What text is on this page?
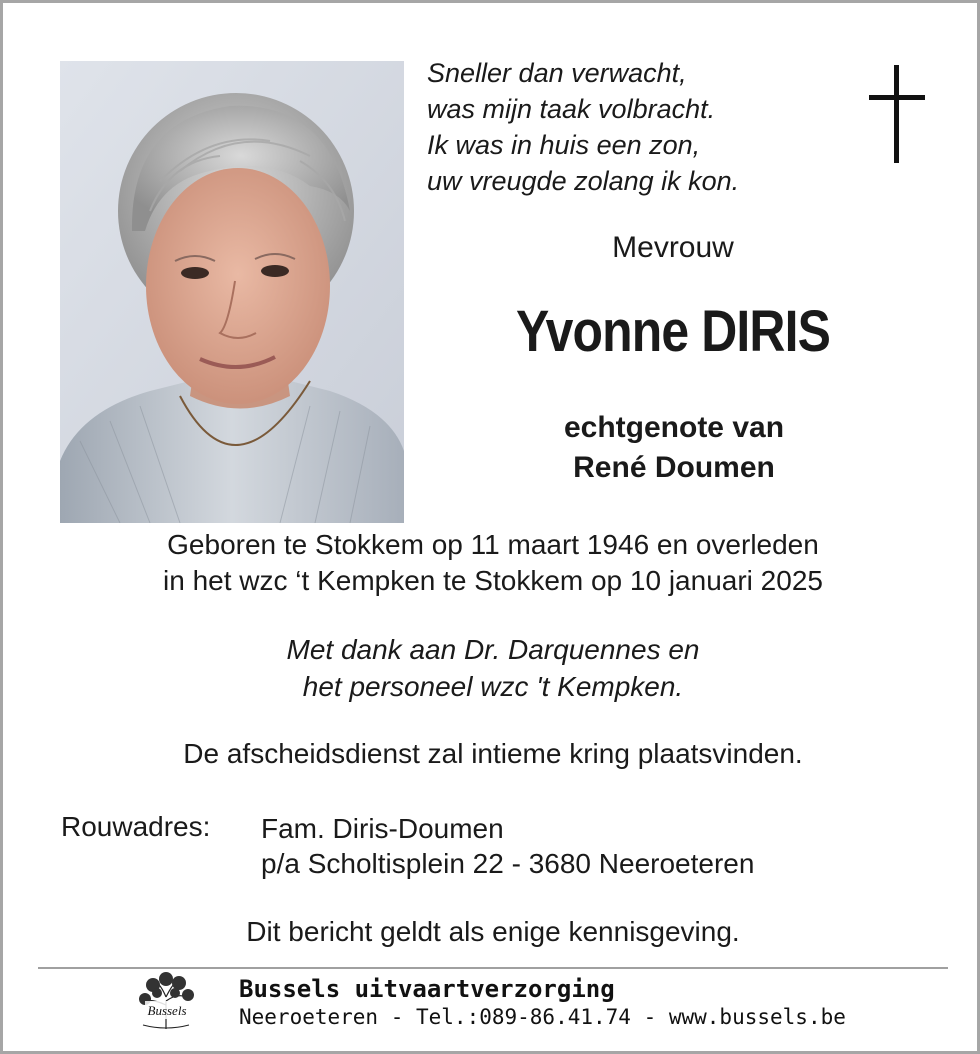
Sneller dan verwacht,
was mijn taak volbracht.
Ik was in huis een zon,
uw vreugde zolang ik kon.
Mevrouw
Yvonne DIRIS
echtgenote van
René Doumen
Geboren te Stokkem op 11 maart 1946 en overleden
in het wzc ‘t Kempken te Stokkem op 10 januari 2025
Met dank aan Dr. Darquennes en
het personeel wzc 't Kempken.
De afscheidsdienst zal intieme kring plaatsvinden.
Rouwadres: Fam. Diris-Doumen
p/a Scholtisplein 22 - 3680 Neeroeteren
Dit bericht geldt als enige kennisgeving.
Bussels
Bussels uitvaartverzorging
Neeroeteren - Tel.:089-86.41.74 - www.bussels.be
